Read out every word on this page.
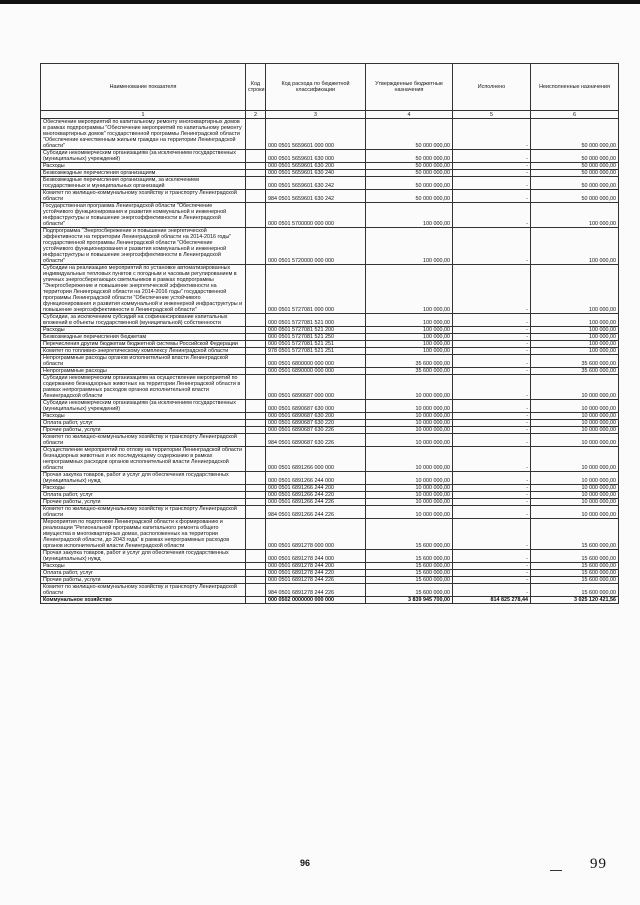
Наименование показателя	Код строки	Код расхода по бюджетной классификации	Утвержденные бюджетные назначения	Исполнено	Неисполненные назначения
1	2	3	4	5	6
Обеспечение мероприятий по капитальному ремонту многоквартирных домов в рамках подпрограммы "Обеспечение мероприятий по капитальному ремонту многоквартирных домов" государственной программы Ленинградской области "Обеспечение качественным жильем граждан на территории Ленинградской области"		000 0501 5659601 000 000	50 000 000,00	-	50 000 000,00
Субсидии некоммерческим организациям (за исключением государственных (муниципальных) учреждений)		000 0501 5659601 630 000	50 000 000,00	-	50 000 000,00
Расходы		000 0501 5659601 630 200	50 000 000,00	-	50 000 000,00
Безвозмездные перечисления организациям		000 0501 5659601 630 240	50 000 000,00	-	50 000 000,00
Безвозмездные перечисления организациям, за исключением государственных и муниципальных организаций		000 0501 5659601 630 242	50 000 000,00	-	50 000 000,00
Комитет по жилищно-коммунальному хозяйству и транспорту Ленинградской области		984 0501 5659601 630 242	50 000 000,00	-	50 000 000,00
Государственная программа Ленинградской области "Обеспечение устойчивого функционирования и развития коммунальной и инженерной инфраструктуры и повышение энергоэффективности в Ленинградской области"		000 0501 5700000 000 000	100 000,00	-	100 000,00
Подпрограмма "Энергосбережение и повышение энергетической эффективности на территории Ленинградской области на 2014-2016 годы" государственной программы Ленинградской области "Обеспечение устойчивого функционирования и развития коммунальной и инженерной инфраструктуры и повышение энергоэффективности в Ленинградской области"		000 0501 5720000 000 000	100 000,00	-	100 000,00
Субсидии на реализацию мероприятий по установке автоматизированных индивидуальных тепловых пунктов с погодным и часовым регулированием в уличных энергосберегающих светильников в рамках подпрограммы "Энергосбережение и повышение энергетической эффективности на территории Ленинградской области на 2014-2016 годы" государственной программы Ленинградской области "Обеспечение устойчивого функционирования и развития коммунальной и инженерной инфраструктуры и повышение энергоэффективности в Ленинградской области"		000 0501 5727081 000 000	100 000,00	-	100 000,00
Субсидии, за исключением субсидий на софинансирование капитальных вложений в объекты государственной (муниципальной) собственности		000 0501 5727081 521 000	100 000,00	-	100 000,00
Расходы		000 0501 5727081 521 200	100 000,00	-	100 000,00
Безвозмездные перечисления бюджетам		000 0501 5727081 521 250	100 000,00	-	100 000,00
Перечисления другим бюджетам бюджетной системы Российской Федерации		000 0501 5727081 521 251	100 000,00	-	100 000,00
Комитет по топливно-энергетическому комплексу Ленинградской области		978 0501 5727081 521 251	100 000,00	-	100 000,00
Непрограммные расходы органов исполнительной власти Ленинградской области		000 0501 6800000 000 000	35 600 000,00	-	35 600 000,00
Непрограммные расходы		000 0501 6890000 000 000	35 600 000,00	-	35 600 000,00
Субсидии некоммерческим организациям на осуществление мероприятий по содержанию безнадзорных животных на территории Ленинградской области в рамках непрограммных расходов органов исполнительной власти Ленинградской области		000 0501 6890687 000 000	10 000 000,00	-	10 000 000,00
Субсидии некоммерческим организациям (за исключением государственных (муниципальных) учреждений)		000 0501 6890687 630 000	10 000 000,00	-	10 000 000,00
Расходы		000 0501 6890687 630 200	10 000 000,00	-	10 000 000,00
Оплата работ, услуг		000 0501 6890687 630 220	10 000 000,00	-	10 000 000,00
Прочие работы, услуги		000 0501 6890687 630 226	10 000 000,00	-	10 000 000,00
Комитет по жилищно-коммунальному хозяйству и транспорту Ленинградской области		984 0501 6890687 630 226	10 000 000,00	-	10 000 000,00
Осуществление мероприятий по отлову на территории Ленинградской области безнадзорных животных и их последующему содержанию в рамках непрограммных расходов органов исполнительной власти Ленинградской области		000 0501 6891266 000 000	10 000 000,00	-	10 000 000,00
Прочая закупка товаров, работ и услуг для обеспечения государственных (муниципальных) нужд		000 0501 6891266 244 000	10 000 000,00	-	10 000 000,00
Расходы		000 0501 6891266 244 200	10 000 000,00	-	10 000 000,00
Оплата работ, услуг		000 0501 6891266 244 220	10 000 000,00	-	10 000 000,00
Прочие работы, услуги		000 0501 6891266 244 226	10 000 000,00	-	10 000 000,00
Комитет по жилищно-коммунальному хозяйству и транспорту Ленинградской области		984 0501 6891266 244 226	10 000 000,00	-	10 000 000,00
Мероприятия по подготовке Ленинградской области к формированию и реализации "Региональной программы капитального ремонта общего имущества в многоквартирных домах, расположенных на территории Ленинградской области, до 2043 года" в рамках непрограммных расходов органов исполнительной власти Ленинградской области		000 0501 6891278 000 000	15 600 000,00	-	15 600 000,00
Прочая закупка товаров, работ и услуг для обеспечения государственных (муниципальных) нужд		000 0501 6891278 244 000	15 600 000,00	-	15 600 000,00
Расходы		000 0501 6891278 244 200	15 600 000,00	-	15 600 000,00
Оплата работ, услуг		000 0501 6891278 244 220	15 600 000,00	-	15 600 000,00
Прочие работы, услуги		000 0501 6891278 244 226	15 600 000,00	-	15 600 000,00
Комитет по жилищно-коммунальному хозяйству и транспорту Ленинградской области		984 0501 6891278 244 226	15 600 000,00	-	15 600 000,00
Коммунальное хозяйство		000 0502 0000000 000 000	3 839 945 700,00	814 825 278,44	3 025 120 421,56
96	99
